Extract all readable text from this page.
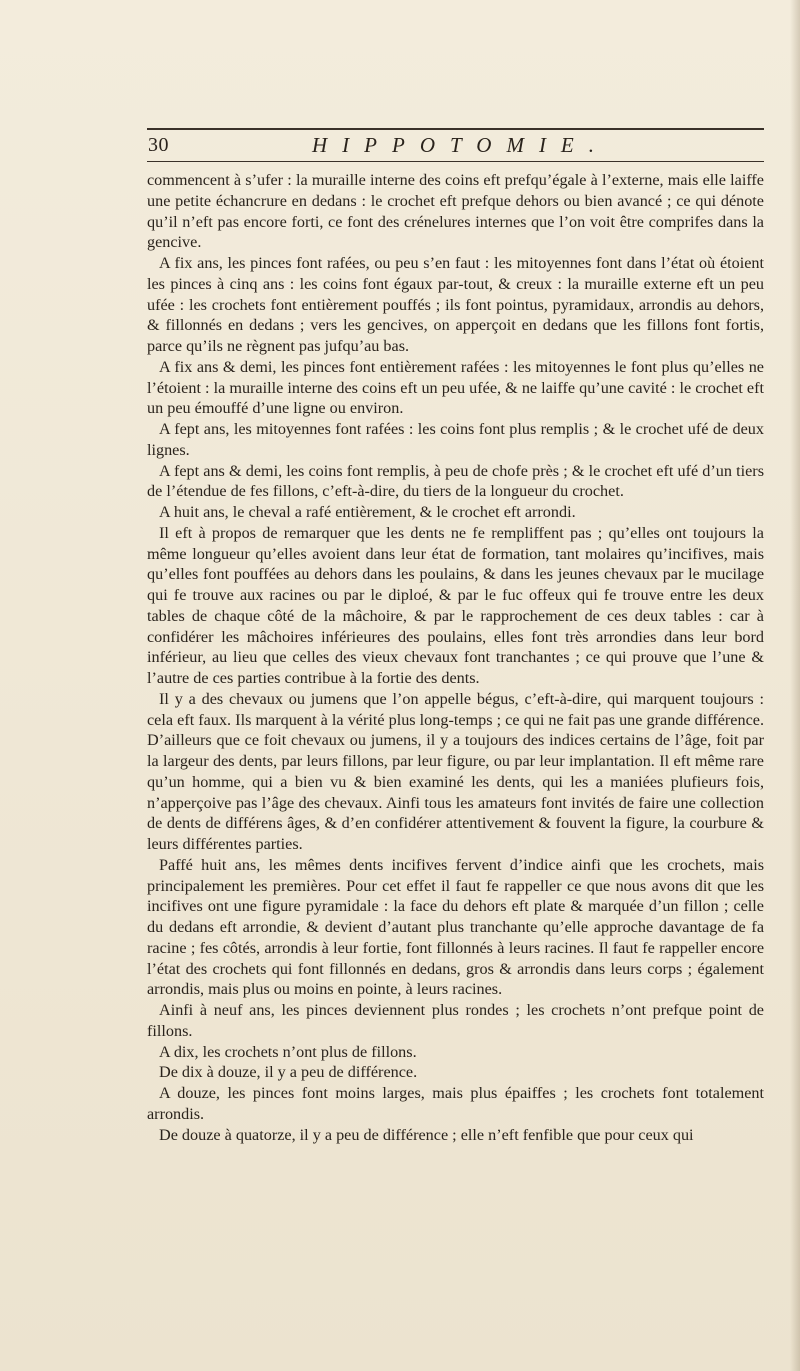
30	HIPPOTOMIE.

commencent à s’ufer : la muraille interne des coins eft prefqu’égale à l’externe, mais elle laiffe une petite échancrure en dedans : le crochet eft prefque dehors ou bien avancé ; ce qui dénote qu’il n’eft pas encore forti, ce font des crénelures internes que l’on voit être comprifes dans la gencive.

A fix ans, les pinces font rafées, ou peu s’en faut : les mitoyennes font dans l’état où étoient les pinces à cinq ans : les coins font égaux par-tout, & creux : la muraille externe eft un peu ufée : les crochets font entièrement pouffés ; ils font pointus, pyramidaux, arrondis au dehors, & fillonnés en dedans ; vers les gencives, on apperçoit en dedans que les fillons font fortis, parce qu’ils ne règnent pas jufqu’au bas.

A fix ans & demi, les pinces font entièrement rafées : les mitoyennes le font plus qu’elles ne l’étoient : la muraille interne des coins eft un peu ufée, & ne laiffe qu’une cavité : le crochet eft un peu émouffé d’une ligne ou environ.

A fept ans, les mitoyennes font rafées : les coins font plus remplis ; & le crochet ufé de deux lignes.

A fept ans & demi, les coins font remplis, à peu de chofe près ; & le crochet eft ufé d’un tiers de l’étendue de fes fillons, c’eft-à-dire, du tiers de la longueur du crochet.

A huit ans, le cheval a rafé entièrement, & le crochet eft arrondi.

Il eft à propos de remarquer que les dents ne fe rempliffent pas ; qu’elles ont toujours la même longueur qu’elles avoient dans leur état de formation, tant molaires qu’incifives, mais qu’elles font pouffées au dehors dans les poulains, & dans les jeunes chevaux par le mucilage qui fe trouve aux racines ou par le diploé, & par le fuc offeux qui fe trouve entre les deux tables de chaque côté de la mâchoire, & par le rapprochement de ces deux tables : car à confidérer les mâchoires inférieures des poulains, elles font très arrondies dans leur bord inférieur, au lieu que celles des vieux chevaux font tranchantes ; ce qui prouve que l’une & l’autre de ces parties contribue à la fortie des dents.

Il y a des chevaux ou jumens que l’on appelle bégus, c’eft-à-dire, qui marquent toujours : cela eft faux. Ils marquent à la vérité plus long-temps ; ce qui ne fait pas une grande différence. D’ailleurs que ce foit chevaux ou jumens, il y a toujours des indices certains de l’âge, foit par la largeur des dents, par leurs fillons, par leur figure, ou par leur implantation. Il eft même rare qu’un homme, qui a bien vu & bien examiné les dents, qui les a maniées plufieurs fois, n’apperçoive pas l’âge des chevaux. Ainfi tous les amateurs font invités de faire une collection de dents de différens âges, & d’en confidérer attentivement & fouvent la figure, la courbure & leurs différentes parties.

Paffé huit ans, les mêmes dents incifives fervent d’indice ainfi que les crochets, mais principalement les premières. Pour cet effet il faut fe rappeller ce que nous avons dit que les incifives ont une figure pyramidale : la face du dehors eft plate & marquée d’un fillon ; celle du dedans eft arrondie, & devient d’autant plus tranchante qu’elle approche davantage de fa racine ; fes côtés, arrondis à leur fortie, font fillonnés à leurs racines. Il faut fe rappeller encore l’état des crochets qui font fillonnés en dedans, gros & arrondis dans leurs corps ; également arrondis, mais plus ou moins en pointe, à leurs racines.

Ainfi à neuf ans, les pinces deviennent plus rondes ; les crochets n’ont prefque point de fillons.

A dix, les crochets n’ont plus de fillons.

De dix à douze, il y a peu de différence.

A douze, les pinces font moins larges, mais plus épaiffes ; les crochets font totalement arrondis.

De douze à quatorze, il y a peu de différence ; elle n’eft fenfible que pour ceux qui
